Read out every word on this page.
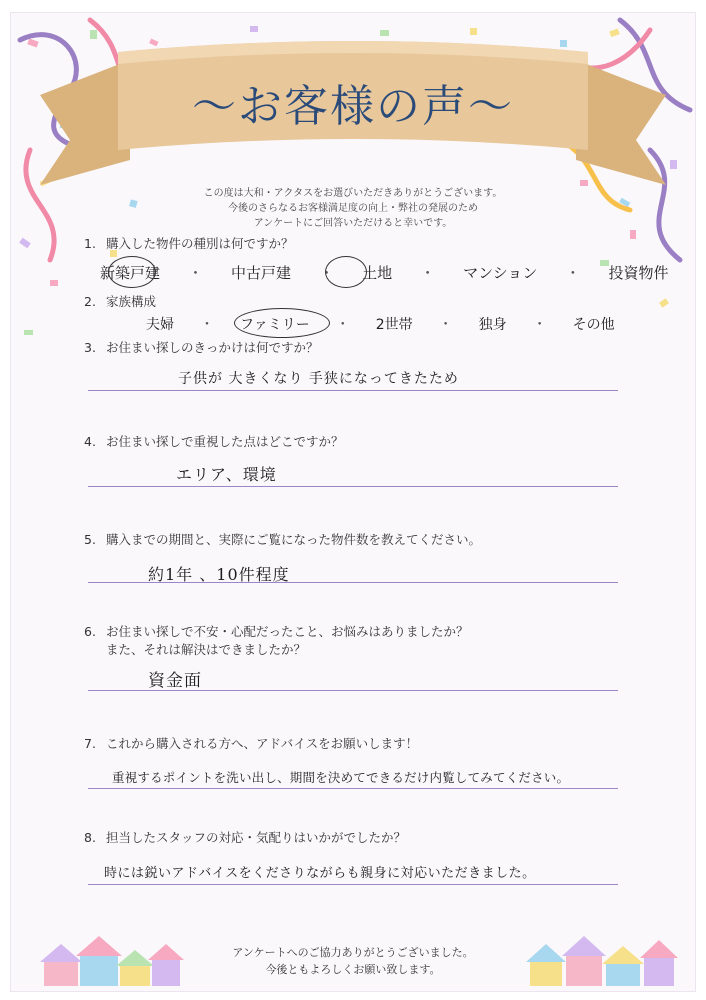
～お客様の声～
この度は大和・アクタスをお選びいただきありがとうございます。
今後のさらなるお客様満足度の向上・弊社の発展のため
アンケートにご回答いただけると幸いです。
1. 購入した物件の種別は何ですか？
新築戸建 ・ 中古戸建 ・ 土地 ・ マンション ・ 投資物件
2. 家族構成
夫婦 ・ ファミリー ・ 2世帯 ・ 独身 ・ その他
3. お住まい探しのきっかけは何ですか？
子供が 大きくなり 手狭になってきたため
4. お住まい探しで重視した点はどこですか？
エリア、環境
5. 購入までの期間と、実際にご覧になった物件数を教えてください。
約1年 、10件程度
6. お住まい探しで不安・心配だったこと、お悩みはありましたか？
また、それは解決はできましたか？
資金面
7. これから購入される方へ、アドバイスをお願いします！
重視するポイントを洗い出し、期間を決めてできるだけ内覧してみてください。
8. 担当したスタッフの対応・気配りはいかがでしたか？
時には鋭いアドバイスをくださりながらも親身に対応いただきました。
アンケートへのご協力ありがとうございました。
今後ともよろしくお願い致します。
